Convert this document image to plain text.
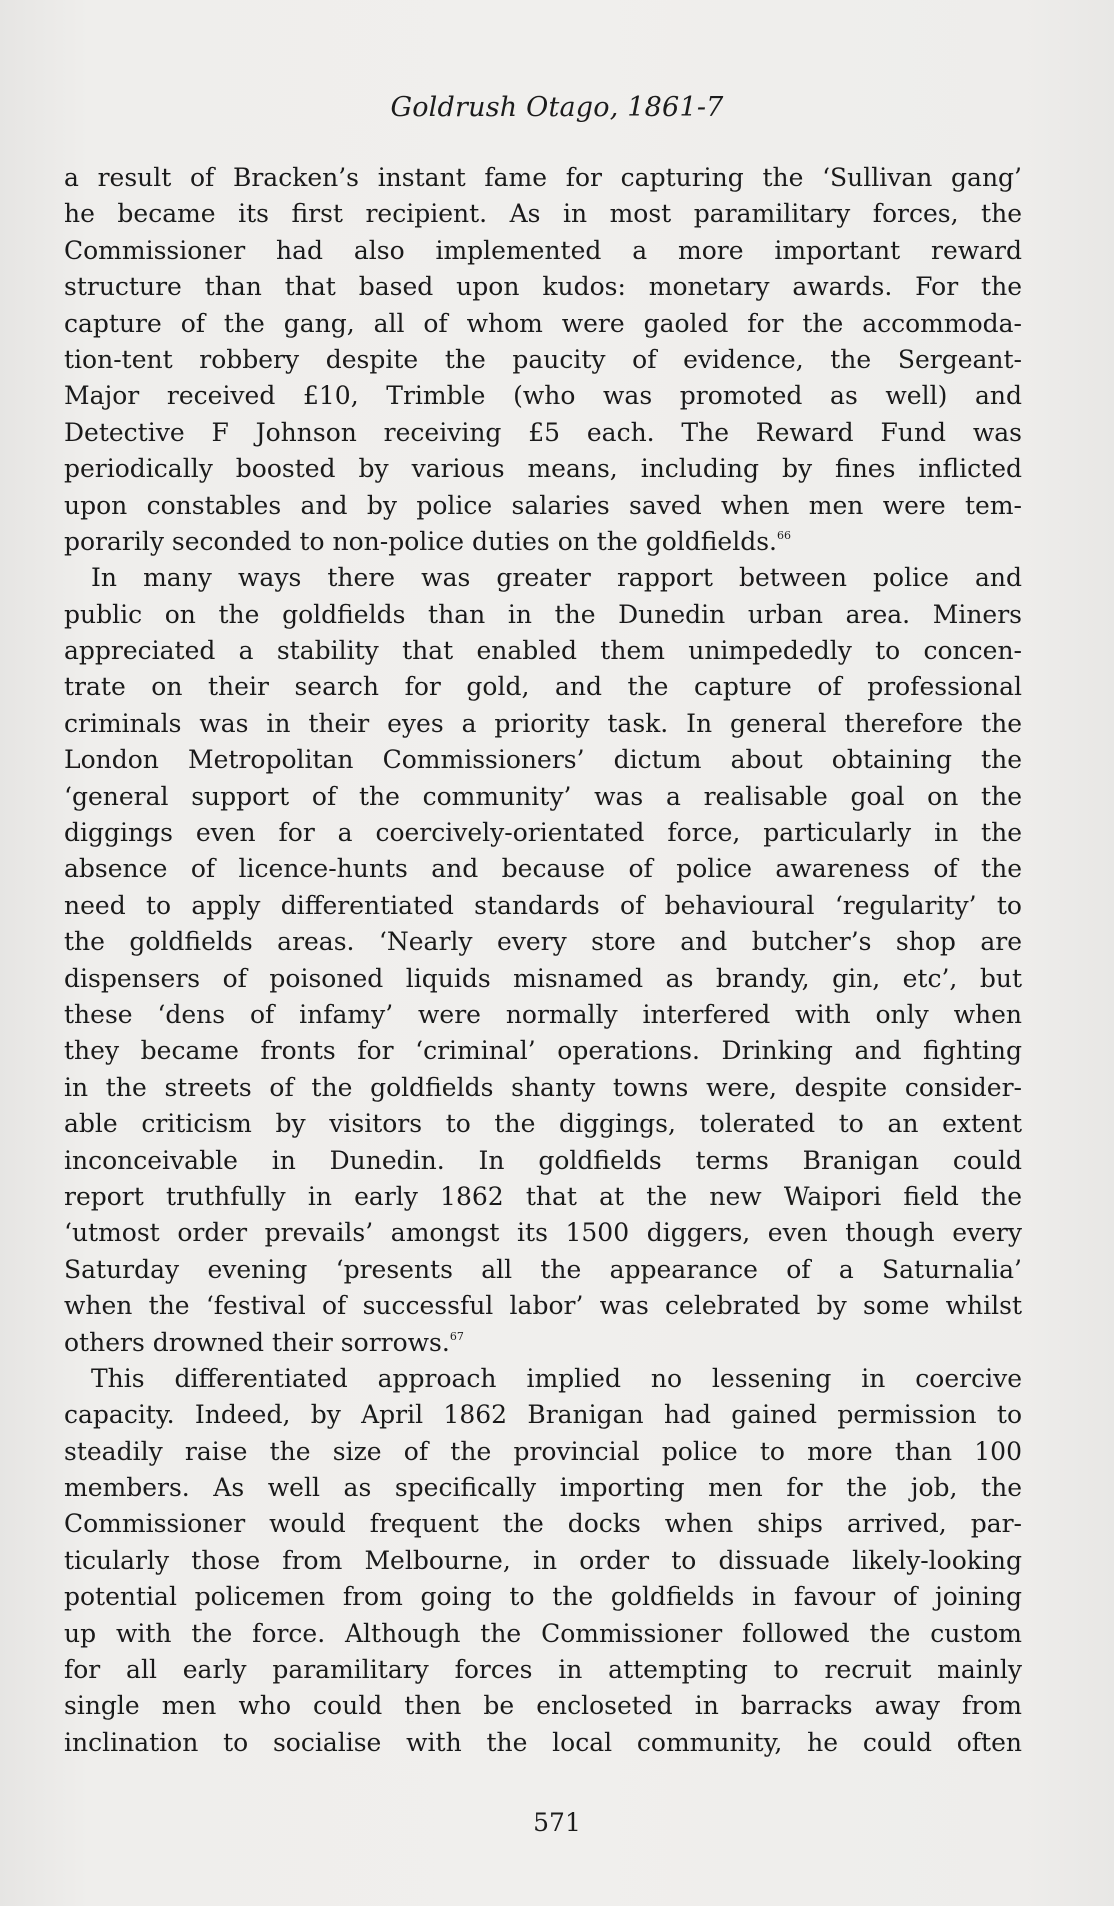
Goldrush Otago, 1861-7
a result of Bracken’s instant fame for capturing the ‘Sullivan gang’
he became its first recipient. As in most paramilitary forces, the
Commissioner had also implemented a more important reward
structure than that based upon kudos: monetary awards. For the
capture of the gang, all of whom were gaoled for the accommoda-
tion-tent robbery despite the paucity of evidence, the Sergeant-
Major received £10, Trimble (who was promoted as well) and
Detective F Johnson receiving £5 each. The Reward Fund was
periodically boosted by various means, including by fines inflicted
upon constables and by police salaries saved when men were tem-
porarily seconded to non-police duties on the goldfields.$^{66}$
In many ways there was greater rapport between police and
public on the goldfields than in the Dunedin urban area. Miners
appreciated a stability that enabled them unimpededly to concen-
trate on their search for gold, and the capture of professional
criminals was in their eyes a priority task. In general therefore the
London Metropolitan Commissioners’ dictum about obtaining the
‘general support of the community’ was a realisable goal on the
diggings even for a coercively-orientated force, particularly in the
absence of licence-hunts and because of police awareness of the
need to apply differentiated standards of behavioural ‘regularity’ to
the goldfields areas. ‘Nearly every store and butcher’s shop are
dispensers of poisoned liquids misnamed as brandy, gin, etc’, but
these ‘dens of infamy’ were normally interfered with only when
they became fronts for ‘criminal’ operations. Drinking and fighting
in the streets of the goldfields shanty towns were, despite consider-
able criticism by visitors to the diggings, tolerated to an extent
inconceivable in Dunedin. In goldfields terms Branigan could
report truthfully in early 1862 that at the new Waipori field the
‘utmost order prevails’ amongst its 1500 diggers, even though every
Saturday evening ‘presents all the appearance of a Saturnalia’
when the ‘festival of successful labor’ was celebrated by some whilst
others drowned their sorrows.$^{67}$
This differentiated approach implied no lessening in coercive
capacity. Indeed, by April 1862 Branigan had gained permission to
steadily raise the size of the provincial police to more than 100
members. As well as specifically importing men for the job, the
Commissioner would frequent the docks when ships arrived, par-
ticularly those from Melbourne, in order to dissuade likely-looking
potential policemen from going to the goldfields in favour of joining
up with the force. Although the Commissioner followed the custom
for all early paramilitary forces in attempting to recruit mainly
single men who could then be encloseted in barracks away from
inclination to socialise with the local community, he could often
571
